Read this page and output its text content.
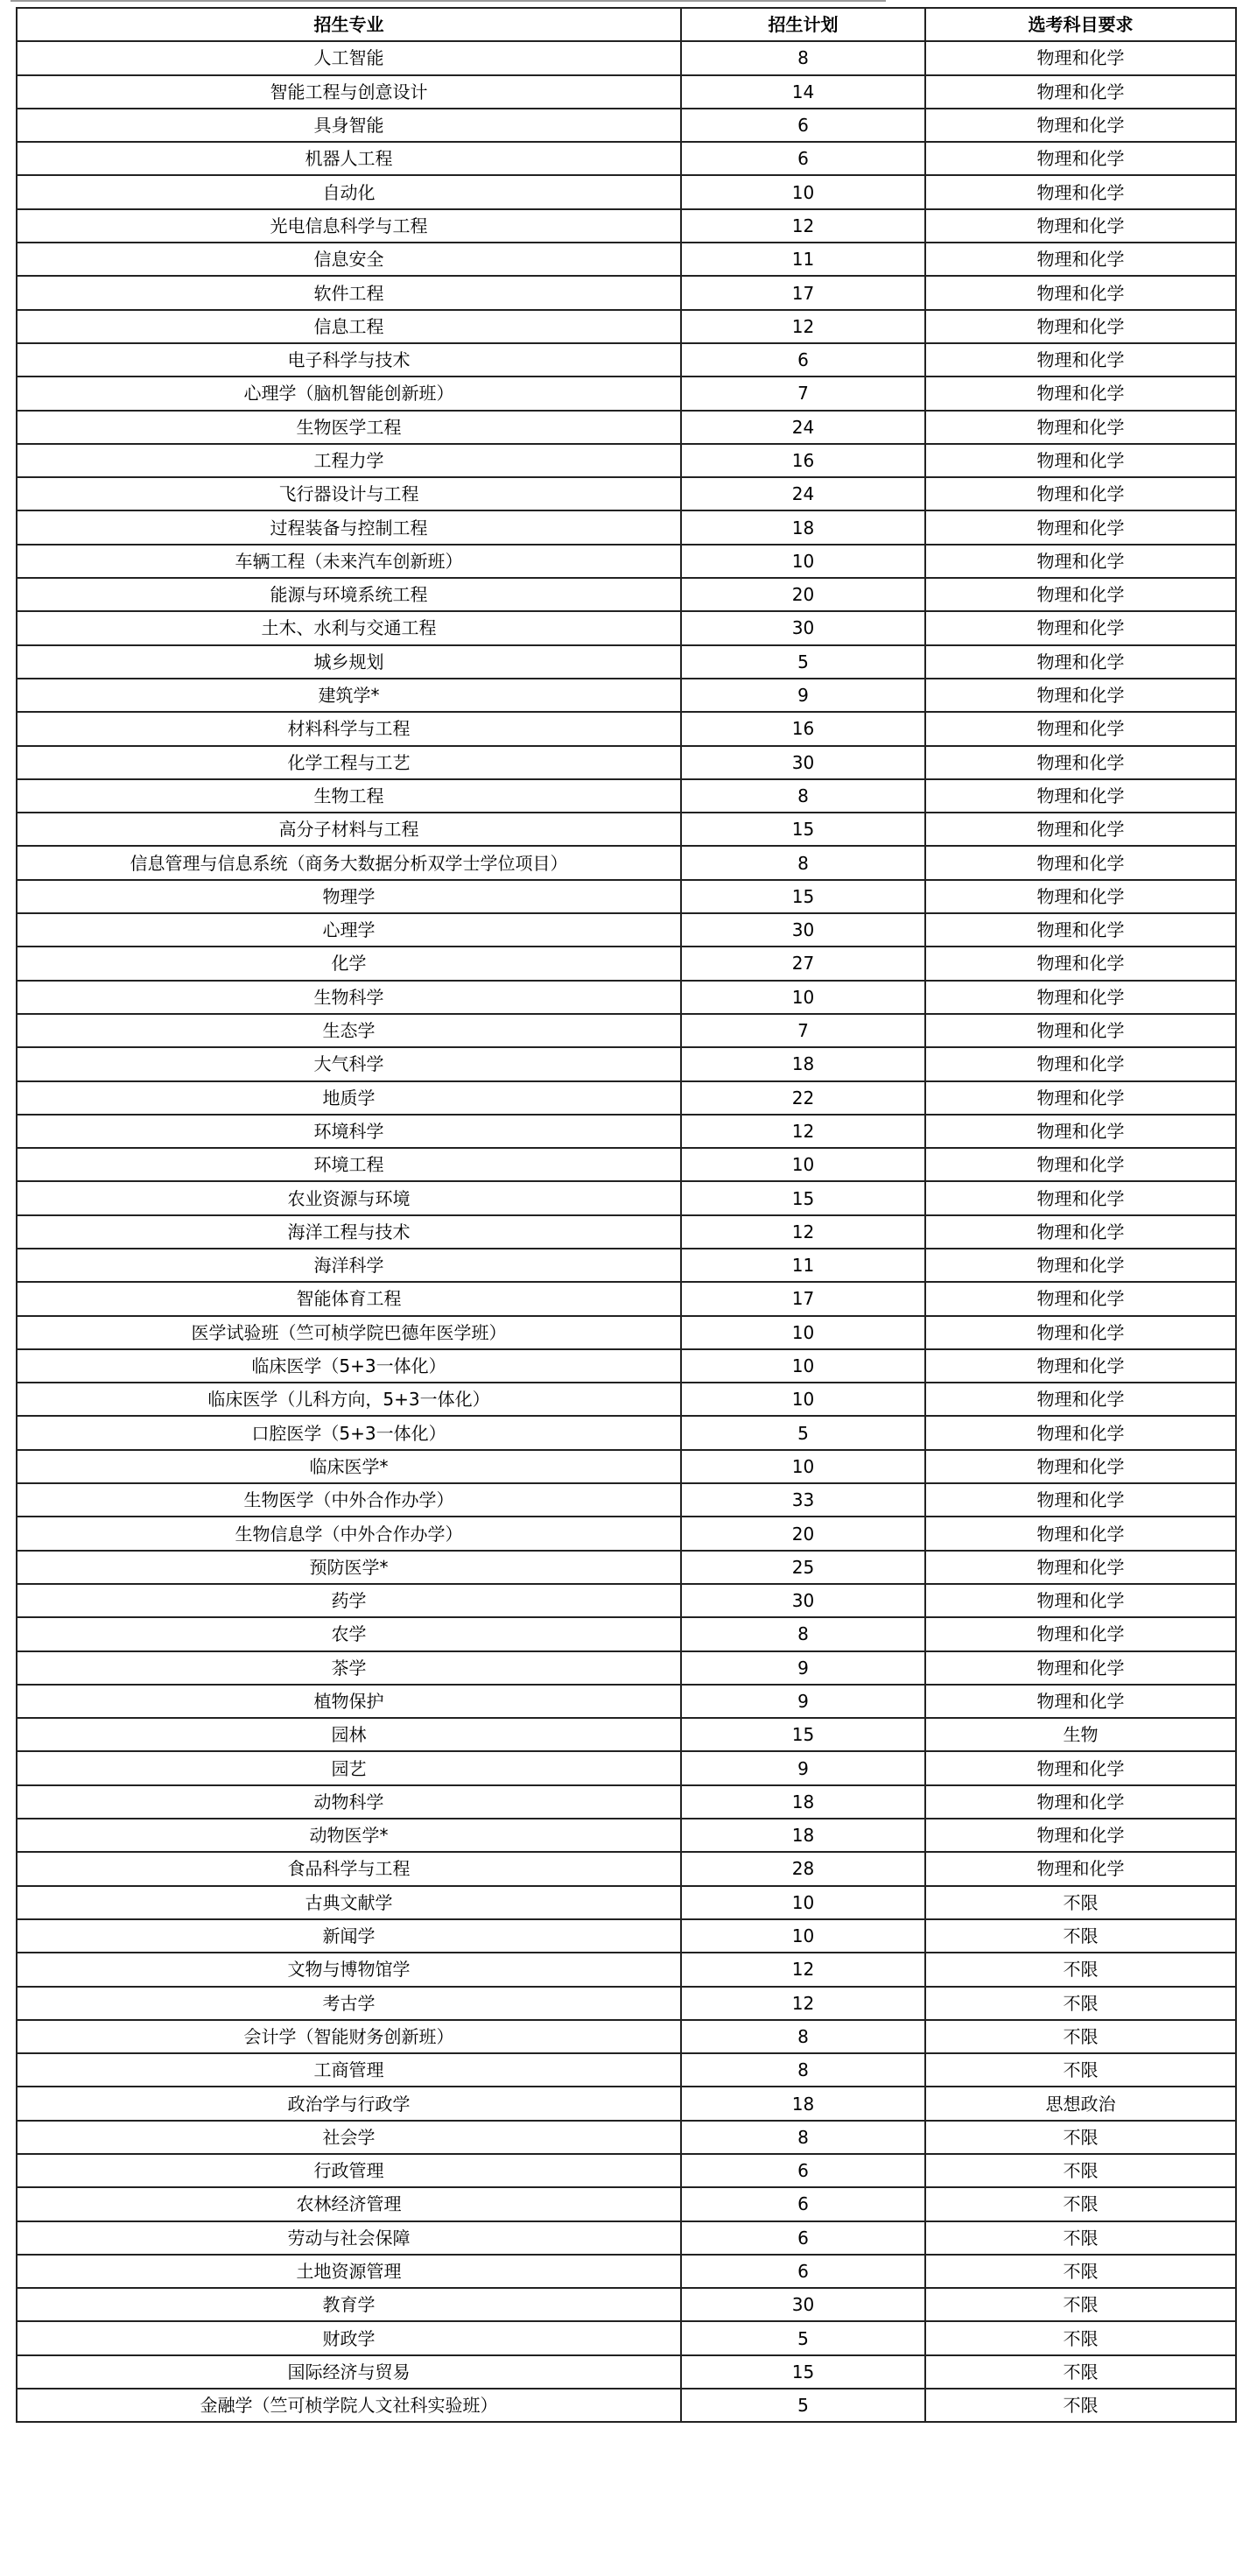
招生专业	招生计划	选考科目要求
人工智能	8	物理和化学
智能工程与创意设计	14	物理和化学
具身智能	6	物理和化学
机器人工程	6	物理和化学
自动化	10	物理和化学
光电信息科学与工程	12	物理和化学
信息安全	11	物理和化学
软件工程	17	物理和化学
信息工程	12	物理和化学
电子科学与技术	6	物理和化学
心理学（脑机智能创新班）	7	物理和化学
生物医学工程	24	物理和化学
工程力学	16	物理和化学
飞行器设计与工程	24	物理和化学
过程装备与控制工程	18	物理和化学
车辆工程（未来汽车创新班）	10	物理和化学
能源与环境系统工程	20	物理和化学
土木、水利与交通工程	30	物理和化学
城乡规划	5	物理和化学
建筑学*	9	物理和化学
材料科学与工程	16	物理和化学
化学工程与工艺	30	物理和化学
生物工程	8	物理和化学
高分子材料与工程	15	物理和化学
信息管理与信息系统（商务大数据分析双学士学位项目）	8	物理和化学
物理学	15	物理和化学
心理学	30	物理和化学
化学	27	物理和化学
生物科学	10	物理和化学
生态学	7	物理和化学
大气科学	18	物理和化学
地质学	22	物理和化学
环境科学	12	物理和化学
环境工程	10	物理和化学
农业资源与环境	15	物理和化学
海洋工程与技术	12	物理和化学
海洋科学	11	物理和化学
智能体育工程	17	物理和化学
医学试验班（竺可桢学院巴德年医学班）	10	物理和化学
临床医学（5+3一体化）	10	物理和化学
临床医学（儿科方向，5+3一体化）	10	物理和化学
口腔医学（5+3一体化）	5	物理和化学
临床医学*	10	物理和化学
生物医学（中外合作办学）	33	物理和化学
生物信息学（中外合作办学）	20	物理和化学
预防医学*	25	物理和化学
药学	30	物理和化学
农学	8	物理和化学
茶学	9	物理和化学
植物保护	9	物理和化学
园林	15	生物
园艺	9	物理和化学
动物科学	18	物理和化学
动物医学*	18	物理和化学
食品科学与工程	28	物理和化学
古典文献学	10	不限
新闻学	10	不限
文物与博物馆学	12	不限
考古学	12	不限
会计学（智能财务创新班）	8	不限
工商管理	8	不限
政治学与行政学	18	思想政治
社会学	8	不限
行政管理	6	不限
农林经济管理	6	不限
劳动与社会保障	6	不限
土地资源管理	6	不限
教育学	30	不限
财政学	5	不限
国际经济与贸易	15	不限
金融学（竺可桢学院人文社科实验班）	5	不限
